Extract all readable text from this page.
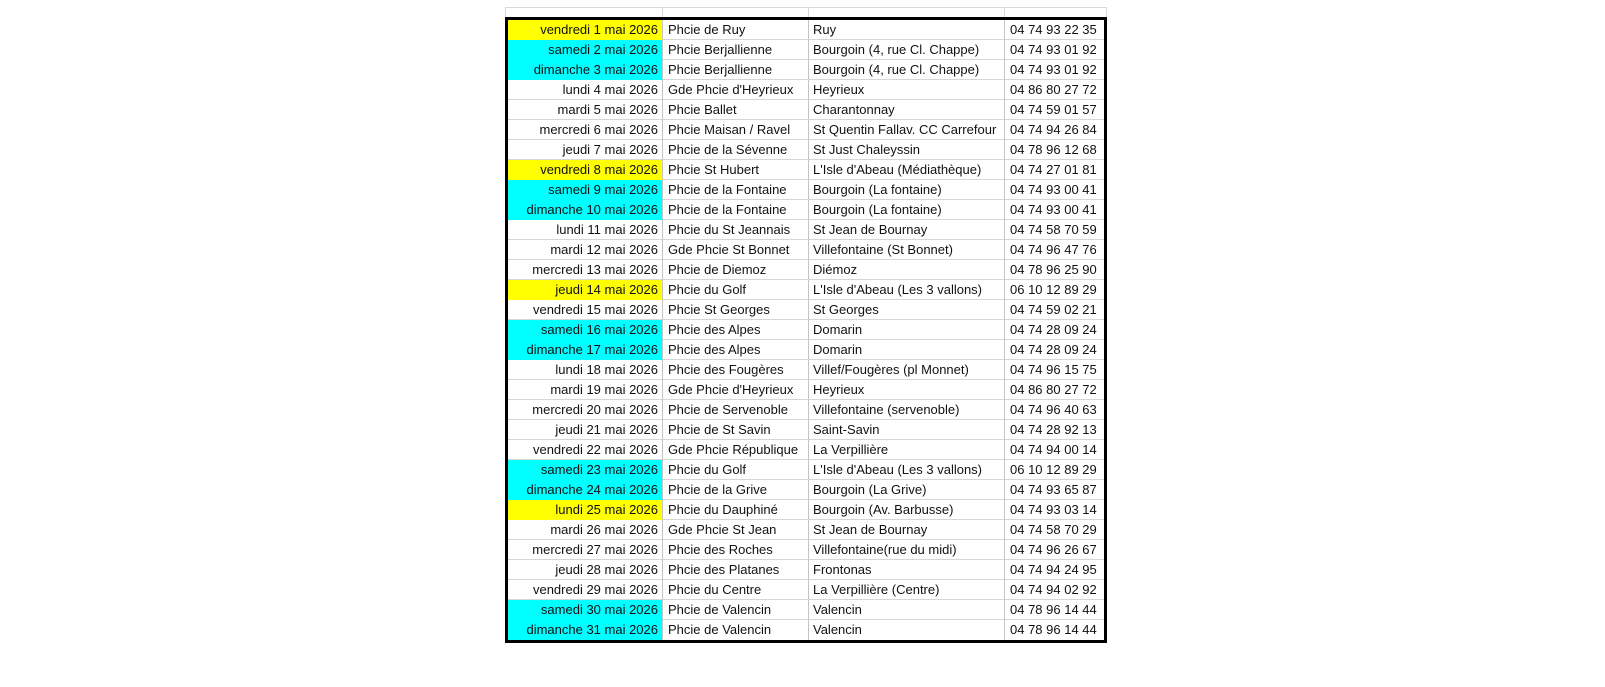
vendredi 1 mai 2026 Phcie de Ruy	Ruy	04 74 93 22 35
samedi 2 mai 2026 Phcie Berjallienne	Bourgoin (4, rue Cl. Chappe)	04 74 93 01 92
dimanche 3 mai 2026 Phcie Berjallienne	Bourgoin (4, rue Cl. Chappe)	04 74 93 01 92
lundi 4 mai 2026 Gde Phcie d'Heyrieux	Heyrieux	04 86 80 27 72
mardi 5 mai 2026 Phcie Ballet	Charantonnay	04 74 59 01 57
mercredi 6 mai 2026 Phcie Maisan / Ravel	St Quentin Fallav. CC Carrefour	04 74 94 26 84
jeudi 7 mai 2026 Phcie de la Sévenne	St Just Chaleyssin	04 78 96 12 68
vendredi 8 mai 2026 Phcie St Hubert	L'Isle d'Abeau (Médiathèque)	04 74 27 01 81
samedi 9 mai 2026 Phcie de la Fontaine	Bourgoin (La fontaine)	04 74 93 00 41
dimanche 10 mai 2026 Phcie de la Fontaine	Bourgoin (La fontaine)	04 74 93 00 41
lundi 11 mai 2026 Phcie du St Jeannais	St Jean de Bournay	04 74 58 70 59
mardi 12 mai 2026 Gde Phcie St Bonnet	Villefontaine (St Bonnet)	04 74 96 47 76
mercredi 13 mai 2026 Phcie de Diemoz	Diémoz	04 78 96 25 90
jeudi 14 mai 2026 Phcie du Golf	L'Isle d'Abeau (Les 3 vallons)	06 10 12 89 29
vendredi 15 mai 2026 Phcie St Georges	St Georges	04 74 59 02 21
samedi 16 mai 2026 Phcie des Alpes	Domarin	04 74 28 09 24
dimanche 17 mai 2026 Phcie des Alpes	Domarin	04 74 28 09 24
lundi 18 mai 2026 Phcie des Fougères	Villef/Fougères (pl Monnet)	04 74 96 15 75
mardi 19 mai 2026 Gde Phcie d'Heyrieux	Heyrieux	04 86 80 27 72
mercredi 20 mai 2026 Phcie de Servenoble	Villefontaine (servenoble)	04 74 96 40 63
jeudi 21 mai 2026 Phcie de St Savin	Saint-Savin	04 74 28 92 13
vendredi 22 mai 2026 Gde Phcie République	La Verpillière	04 74 94 00 14
samedi 23 mai 2026 Phcie du Golf	L'Isle d'Abeau (Les 3 vallons)	06 10 12 89 29
dimanche 24 mai 2026 Phcie de la Grive	Bourgoin (La Grive)	04 74 93 65 87
lundi 25 mai 2026 Phcie du Dauphiné	Bourgoin (Av. Barbusse)	04 74 93 03 14
mardi 26 mai 2026 Gde Phcie St Jean	St Jean de Bournay	04 74 58 70 29
mercredi 27 mai 2026 Phcie des Roches	Villefontaine(rue du midi)	04 74 96 26 67
jeudi 28 mai 2026 Phcie des Platanes	Frontonas	04 74 94 24 95
vendredi 29 mai 2026 Phcie du Centre	La Verpillière (Centre)	04 74 94 02 92
samedi 30 mai 2026 Phcie de Valencin	Valencin	04 78 96 14 44
dimanche 31 mai 2026 Phcie de Valencin	Valencin	04 78 96 14 44
